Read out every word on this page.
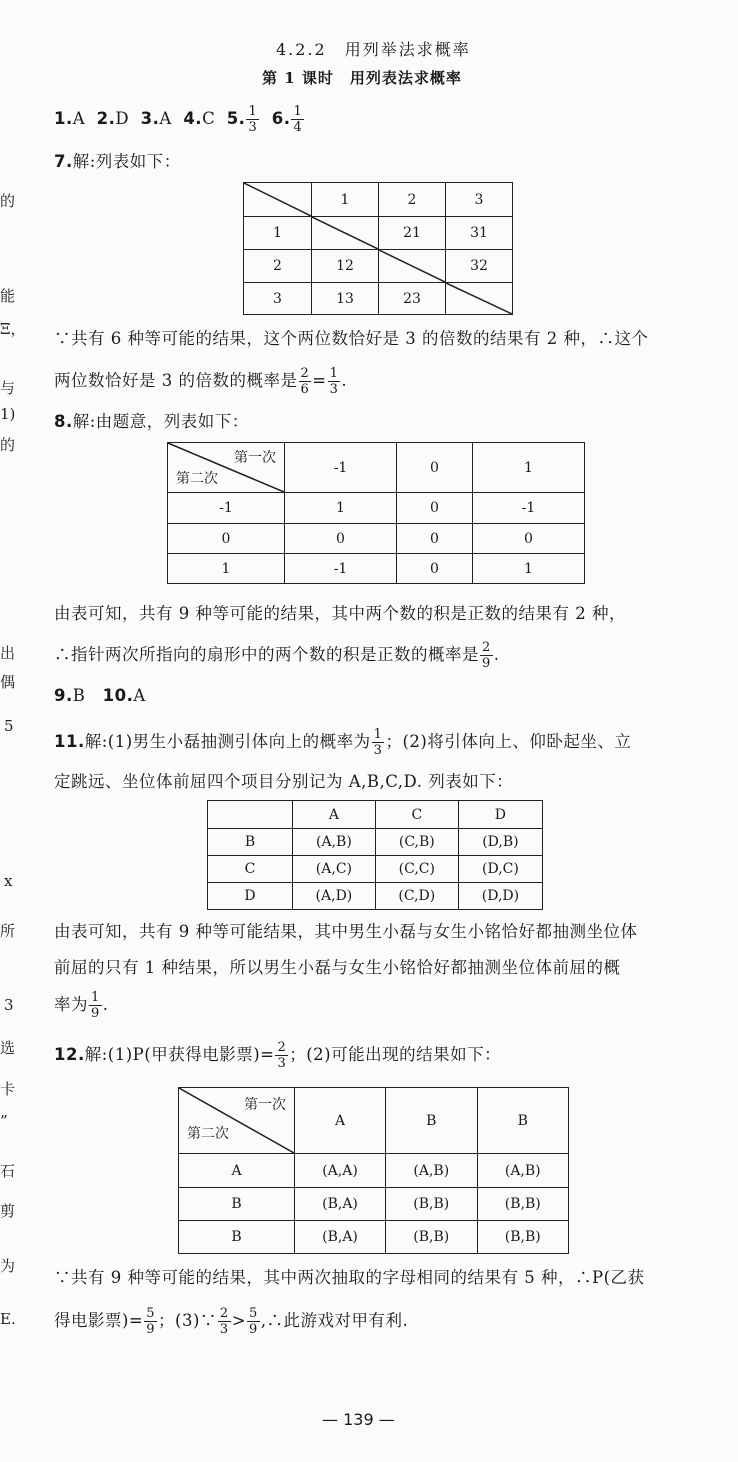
4.2.2　用列举法求概率
第 1 课时　用列表法求概率
的
能
Ξ，
与
1)
的
出
偶
5
x
所
3
选
卡
”
石
剪
为
E.
1.A 2.D 3.A 4.C 5. $\frac{1}{3} 6$. $\frac{1}{4}$
7.解:列表如下：
	1	2	3
1		21	31
2	12		32
3	13	23	
∵共有 6 种等可能的结果，这个两位数恰好是 3 的倍数的结果有 2 种，∴这个
两位数恰好是 3 的倍数的概率是 $\frac{2}{6} = \frac{1}{3}$ .
8.解:由题意，列表如下：
第一次
第二次	-1	0	1
-1	1	0	-1
0	0	0	0
1	-1	0	1
由表可知，共有 9 种等可能的结果，其中两个数的积是正数的结果有 2 种，
∴指针两次所指向的扇形中的两个数的积是正数的概率是 $\frac{2}{9}$ .
9.B 10.A
11.解:(1)男生小磊抽测引体向上的概率为 $\frac{1}{3}$ ；(2)将引体向上、仰卧起坐、立
定跳远、坐位体前屈四个项目分别记为 A,B,C,D. 列表如下：
	A	C	D
B	(A,B)	(C,B)	(D,B)
C	(A,C)	(C,C)	(D,C)
D	(A,D)	(C,D)	(D,D)
由表可知，共有 9 种等可能结果，其中男生小磊与女生小铭恰好都抽测坐位体
前屈的只有 1 种结果，所以男生小磊与女生小铭恰好都抽测坐位体前屈的概
率为 $\frac{1}{9}$ .
12.解:(1)P(甲获得电影票)= $\frac{2}{3}$ ；(2)可能出现的结果如下：
第一次
第二次	A	B	B
A	(A,A)	(A,B)	(A,B)
B	(B,A)	(B,B)	(B,B)
B	(B,A)	(B,B)	(B,B)
∵共有 9 种等可能的结果，其中两次抽取的字母相同的结果有 5 种，∴P(乙获
得电影票)= $\frac{5}{9}$ ；(3)∵ $\frac{2}{3} > \frac{5}{9}$ ,∴此游戏对甲有利.
— 139 —
